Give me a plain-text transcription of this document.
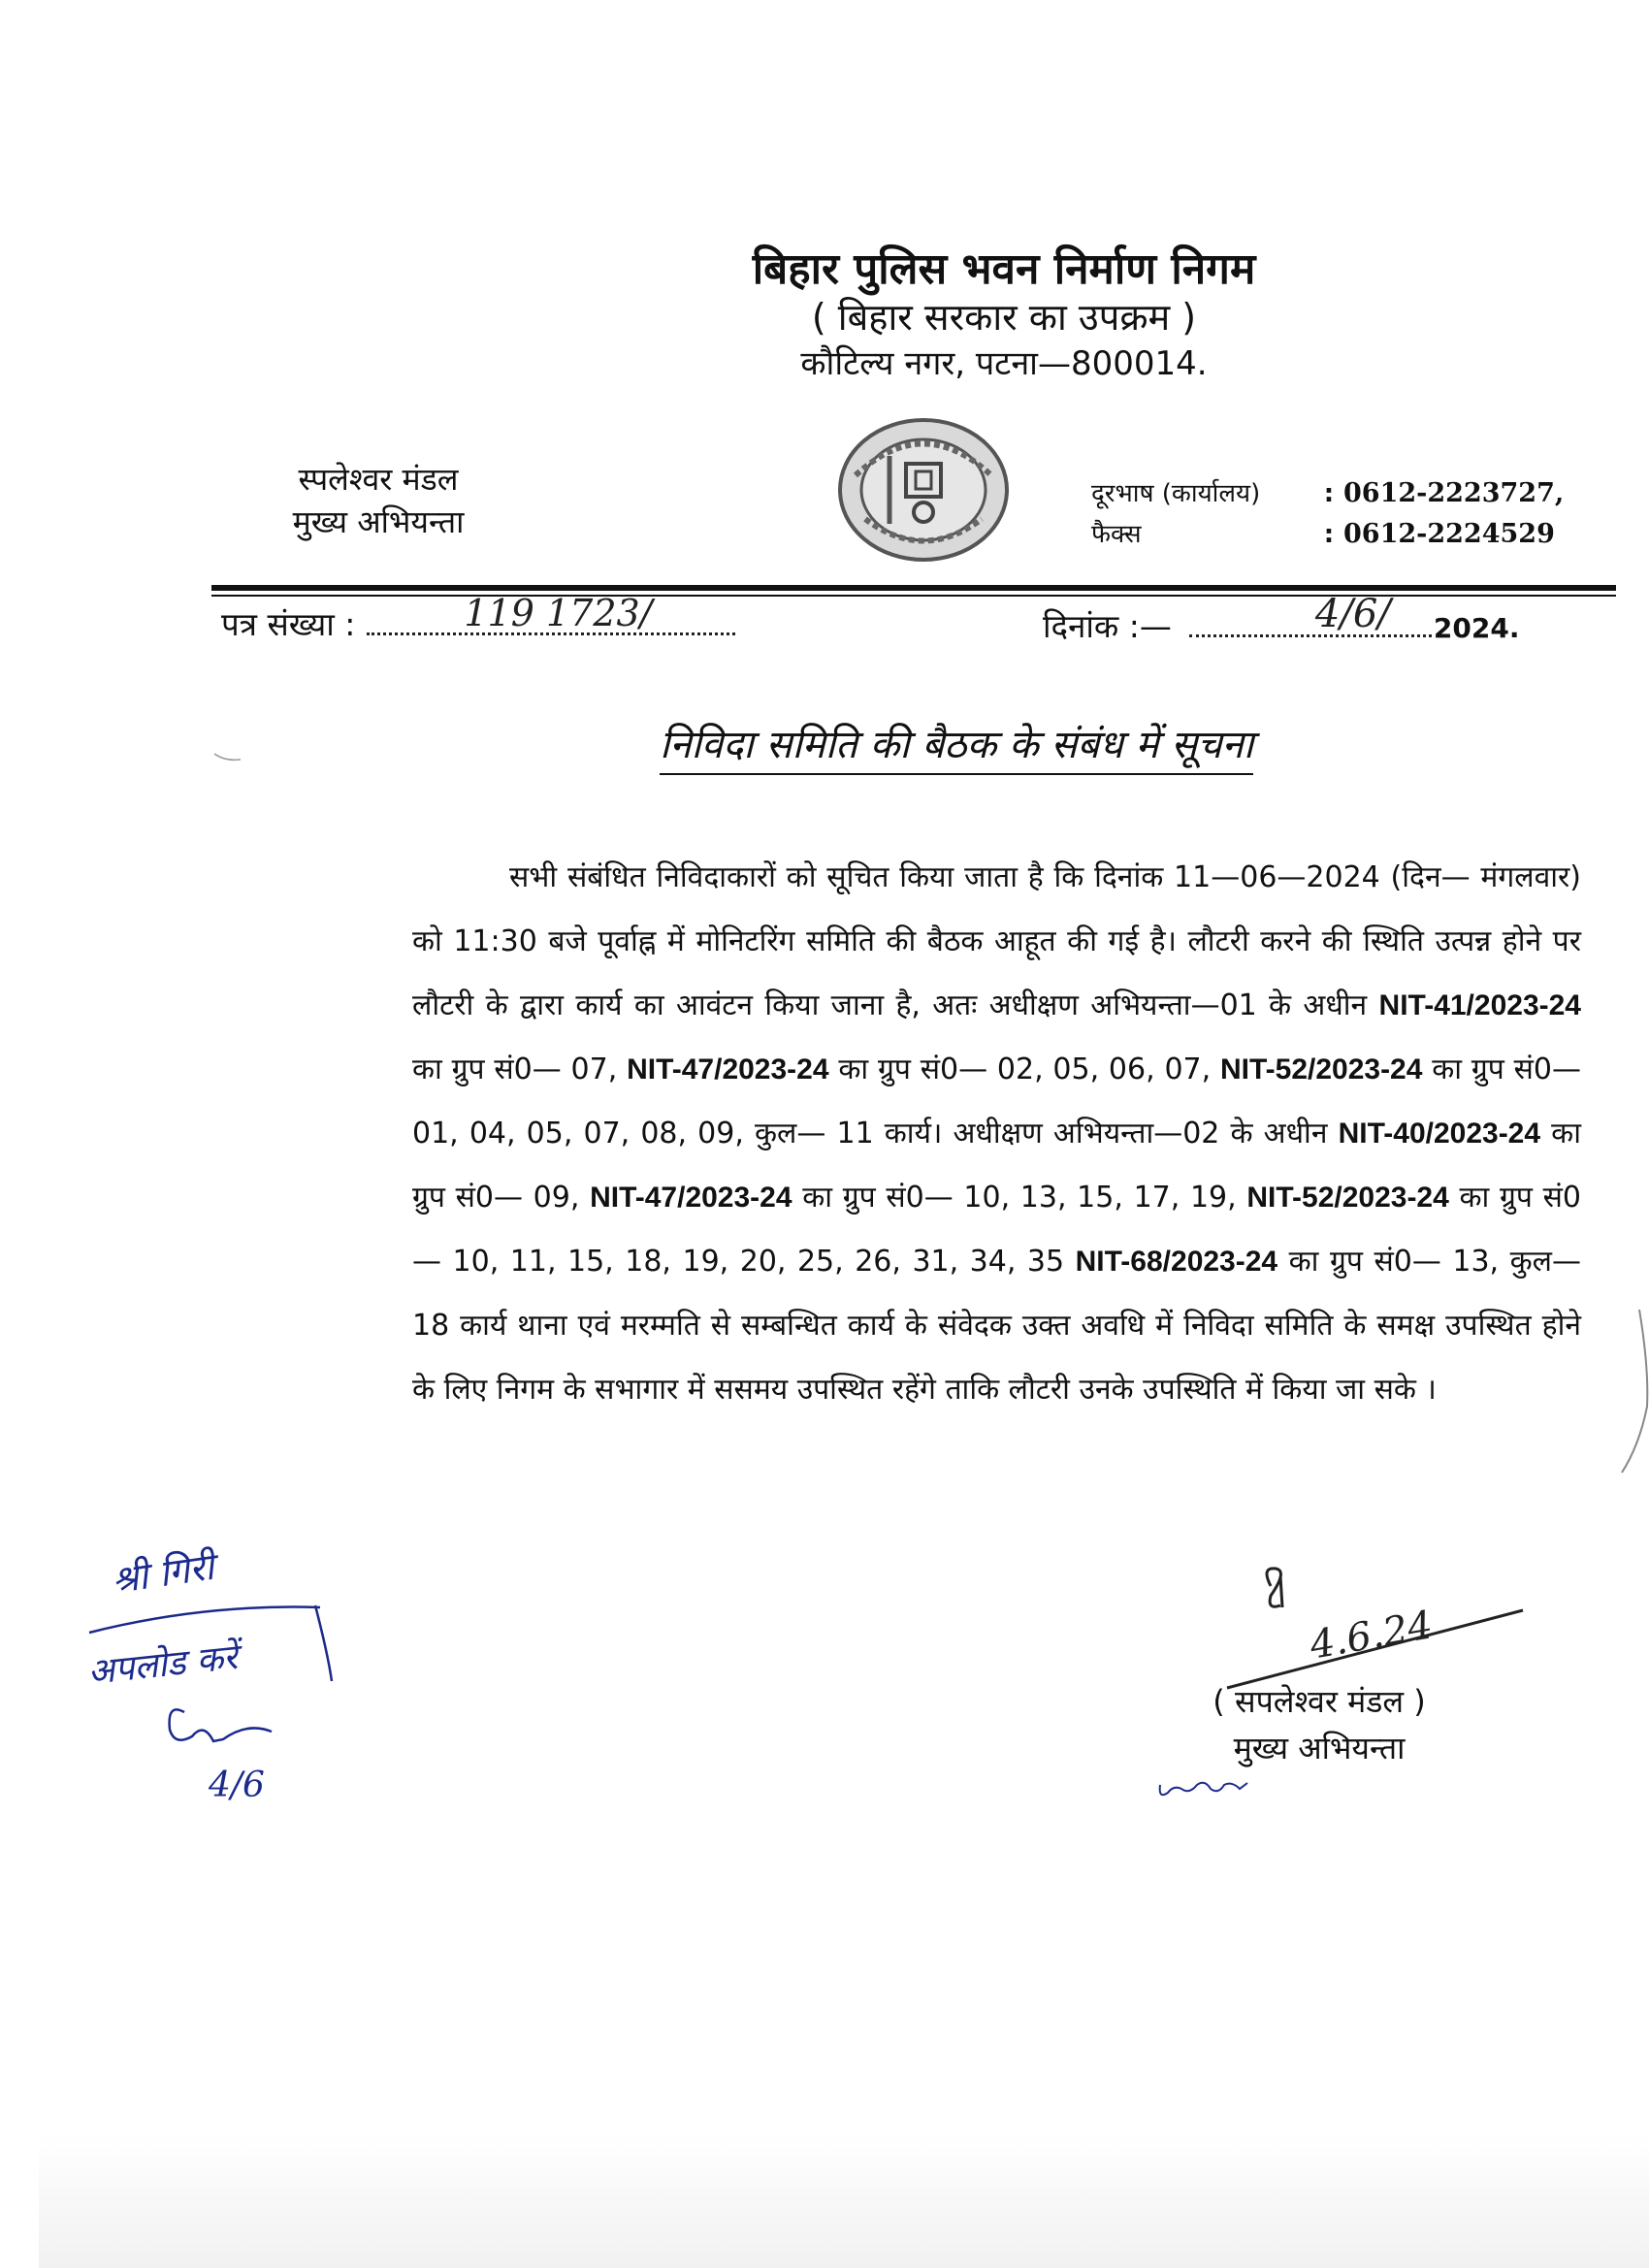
बिहार पुलिस भवन निर्माण निगम
( बिहार सरकार का उपक्रम )
कौटिल्य नगर, पटना—800014.
स्पलेश्वर मंडल
मुख्य अभियन्ता
दूरभाष (कार्यालय)	: 0612-2223727,
फैक्स	: 0612-2224529
पत्र संख्या :	119 1723/	दिनांक :—	4/6/ 2024.
निविदा समिति की बैठक के संबंध में सूचना

सभी संबंधित निविदाकारों को सूचित किया जाता है कि दिनांक 11—06—2024 (दिन— मंगलवार) को 11:30 बजे पूर्वाह्न में मोनिटरिंग समिति की बैठक आहूत की गई है। लौटरी करने की स्थिति उत्पन्न होने पर लौटरी के द्वारा कार्य का आवंटन किया जाना है, अतः अधीक्षण अभियन्ता—01 के अधीन NIT-41/2023-24 का ग्रुप सं0— 07, NIT-47/2023-24 का ग्रुप सं0— 02, 05, 06, 07, NIT-52/2023-24 का ग्रुप सं0— 01, 04, 05, 07, 08, 09, कुल— 11 कार्य। अधीक्षण अभियन्ता—02 के अधीन NIT-40/2023-24 का ग्रुप सं0— 09, NIT-47/2023-24 का ग्रुप सं0— 10, 13, 15, 17, 19, NIT-52/2023-24 का ग्रुप सं0— 10, 11, 15, 18, 19, 20, 25, 26, 31, 34, 35 NIT-68/2023-24 का ग्रुप सं0— 13, कुल—18 कार्य थाना एवं मरम्मति से सम्बन्धित कार्य के संवेदक उक्त अवधि में निविदा समिति के समक्ष उपस्थित होने के लिए निगम के सभागार में ससमय उपस्थित रहेंगे ताकि लौटरी उनके उपस्थिति में किया जा सके ।

4.6.24
( सपलेश्वर मंडल )
मुख्य अभियन्ता
श्री गिरी
अपलोड करें
4/6
